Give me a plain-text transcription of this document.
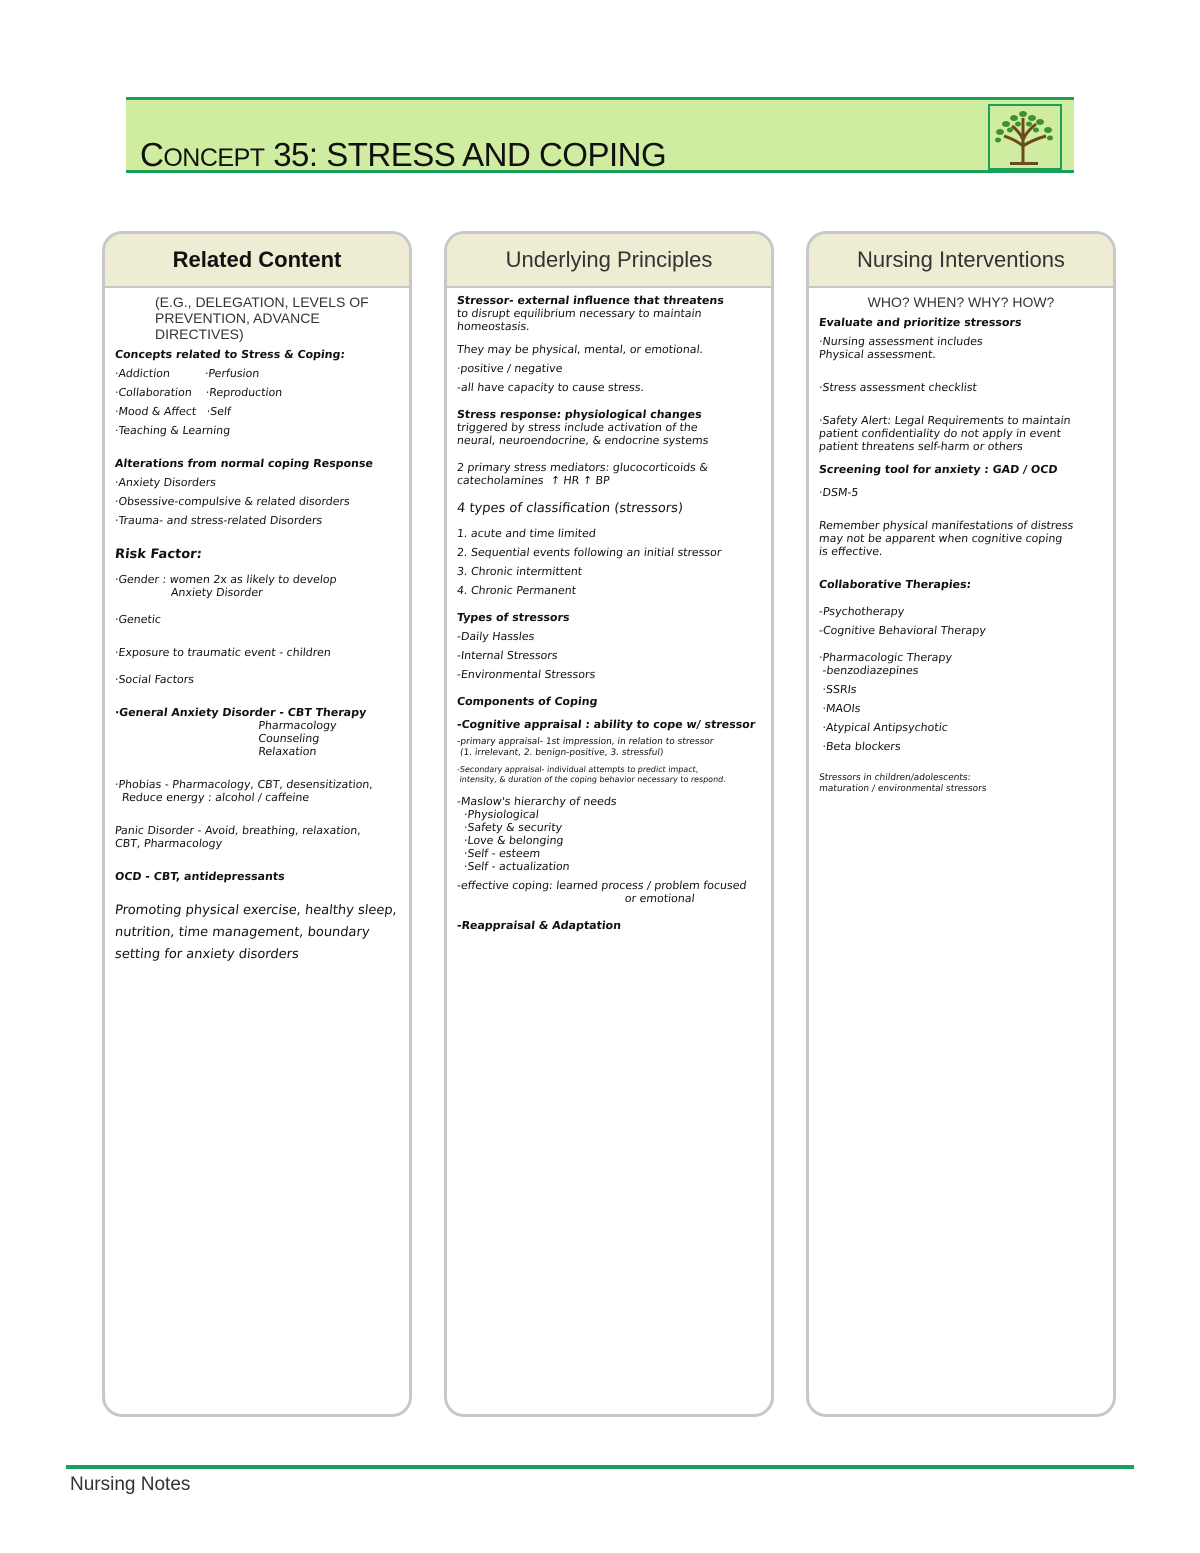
CONCEPT 35: STRESS AND COPING
Related Content
(E.G., DELEGATION, LEVELS OF PREVENTION, ADVANCE DIRECTIVES)
Concepts related to Stress & Coping:
·Addiction          ·Perfusion
·Collaboration    ·Reproduction
·Mood & Affect   ·Self
·Teaching & Learning
Alterations from normal coping Response
·Anxiety Disorders
·Obsessive-compulsive & related disorders
·Trauma- and stress-related Disorders
Risk Factor:
·Gender : women 2x as likely to develop
Anxiety Disorder
·Genetic
·Exposure to traumatic event - children
·Social Factors
·General Anxiety Disorder - CBT Therapy
Pharmacology
Counseling
Relaxation
·Phobias - Pharmacology, CBT, desensitization,
Reduce energy : alcohol / caffeine
Panic Disorder - Avoid, breathing, relaxation,
CBT, Pharmacology
OCD - CBT, antidepressants
Promoting physical exercise, healthy sleep,
nutrition, time management, boundary
setting for anxiety disorders
Underlying Principles
Stressor- external influence that threatens
to disrupt equilibrium necessary to maintain
homeostasis.
They may be physical, mental, or emotional.
·positive / negative
-all have capacity to cause stress.
Stress response: physiological changes
triggered by stress include activation of the
neural, neuroendocrine, & endocrine systems
2 primary stress mediators: glucocorticoids &
catecholamines  ↑ HR ↑ BP
4 types of classification (stressors)
1. acute and time limited
2. Sequential events following an initial stressor
3. Chronic intermittent
4. Chronic Permanent
Types of stressors
-Daily Hassles
-Internal Stressors
-Environmental Stressors
Components of Coping
-Cognitive appraisal : ability to cope w/ stressor
-primary appraisal- 1st impression, in relation to stressor
(1. irrelevant, 2. benign-positive, 3. stressful)
-Secondary appraisal- individual attempts to predict impact,
intensity, & duration of the coping behavior necessary to respond.
-Maslow's hierarchy of needs
·Physiological
·Safety & security
·Love & belonging
·Self - esteem
·Self - actualization
-effective coping: learned process / problem focused
or emotional
-Reappraisal & Adaptation
Nursing Interventions
WHO? WHEN? WHY? HOW?
Evaluate and prioritize stressors
·Nursing assessment includes
Physical assessment.
·Stress assessment checklist
·Safety Alert: Legal Requirements to maintain
patient confidentiality do not apply in event
patient threatens self-harm or others
Screening tool for anxiety : GAD / OCD
·DSM-5
Remember physical manifestations of distress
may not be apparent when cognitive coping
is effective.
Collaborative Therapies:
-Psychotherapy
-Cognitive Behavioral Therapy
·Pharmacologic Therapy
-benzodiazepines
·SSRIs
·MAOIs
·Atypical Antipsychotic
·Beta blockers
Stressors in children/adolescents:
maturation / environmental stressors
Nursing Notes
